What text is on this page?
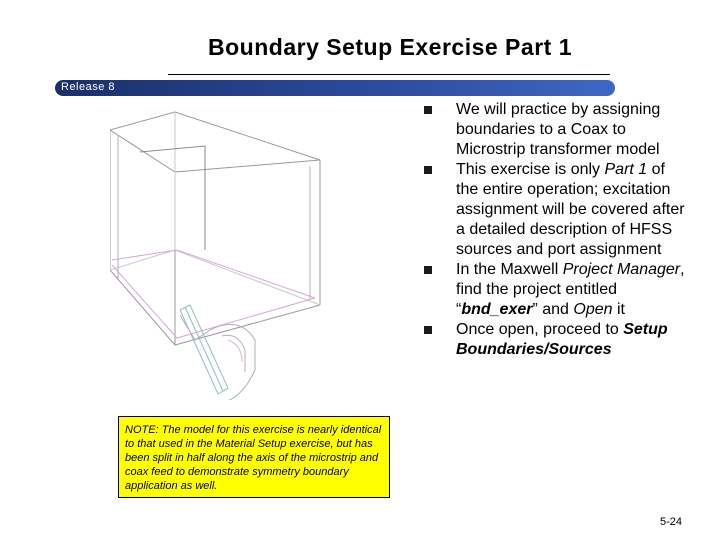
Boundary Setup Exercise Part 1
Release 8
NOTE: The model for this exercise is nearly identical to that used in the Material Setup exercise, but has been split in half along the axis of the microstrip and coax feed to demonstrate symmetry boundary application as well.
We will practice by assigning boundaries to a Coax to Microstrip transformer model
This exercise is only Part 1 of the entire operation; excitation assignment will be covered after a detailed description of HFSS sources and port assignment
In the Maxwell Project Manager, find the project entitled “bnd_exer” and Open it
Once open, proceed to Setup Boundaries/Sources
5-24
